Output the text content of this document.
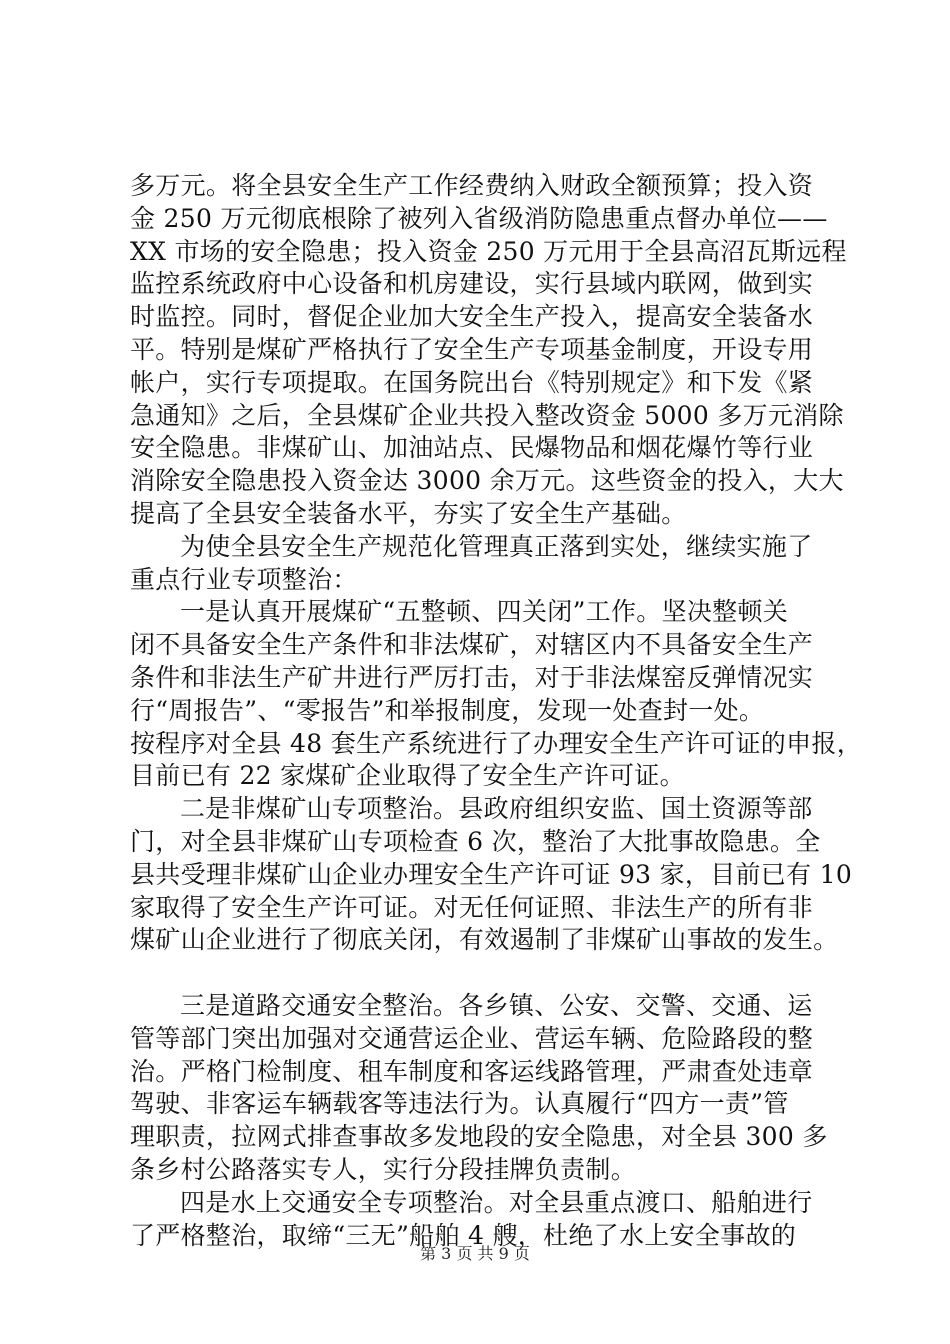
多万元。将全县安全生产工作经费纳入财政全额预算；投入资
金 250 万元彻底根除了被列入省级消防隐患重点督办单位——
XX 市场的安全隐患；投入资金 250 万元用于全县高沼瓦斯远程
监控系统政府中心设备和机房建设，实行县域内联网，做到实
时监控。同时，督促企业加大安全生产投入，提高安全装备水
平。特别是煤矿严格执行了安全生产专项基金制度，开设专用
帐户，实行专项提取。在国务院出台《特别规定》和下发《紧
急通知》之后，全县煤矿企业共投入整改资金 5000 多万元消除
安全隐患。非煤矿山、加油站点、民爆物品和烟花爆竹等行业
消除安全隐患投入资金达 3000 余万元。这些资金的投入，大大
提高了全县安全装备水平，夯实了安全生产基础。
为使全县安全生产规范化管理真正落到实处，继续实施了
重点行业专项整治：
一是认真开展煤矿“五整顿、四关闭”工作。坚决整顿关
闭不具备安全生产条件和非法煤矿，对辖区内不具备安全生产
条件和非法生产矿井进行严厉打击，对于非法煤窑反弹情况实
行“周报告”、“零报告”和举报制度，发现一处查封一处。
按程序对全县 48 套生产系统进行了办理安全生产许可证的申报，
目前已有 22 家煤矿企业取得了安全生产许可证。
二是非煤矿山专项整治。县政府组织安监、国土资源等部
门，对全县非煤矿山专项检查 6 次，整治了大批事故隐患。全
县共受理非煤矿山企业办理安全生产许可证 93 家，目前已有 10
家取得了安全生产许可证。对无任何证照、非法生产的所有非
煤矿山企业进行了彻底关闭，有效遏制了非煤矿山事故的发生。
三是道路交通安全整治。各乡镇、公安、交警、交通、运
管等部门突出加强对交通营运企业、营运车辆、危险路段的整
治。严格门检制度、租车制度和客运线路管理，严肃查处违章
驾驶、非客运车辆载客等违法行为。认真履行“四方一责”管
理职责，拉网式排查事故多发地段的安全隐患，对全县 300 多
条乡村公路落实专人，实行分段挂牌负责制。
四是水上交通安全专项整治。对全县重点渡口、船舶进行
了严格整治，取缔“三无”船舶 4 艘，杜绝了水上安全事故的
第 3 页 共 9 页
